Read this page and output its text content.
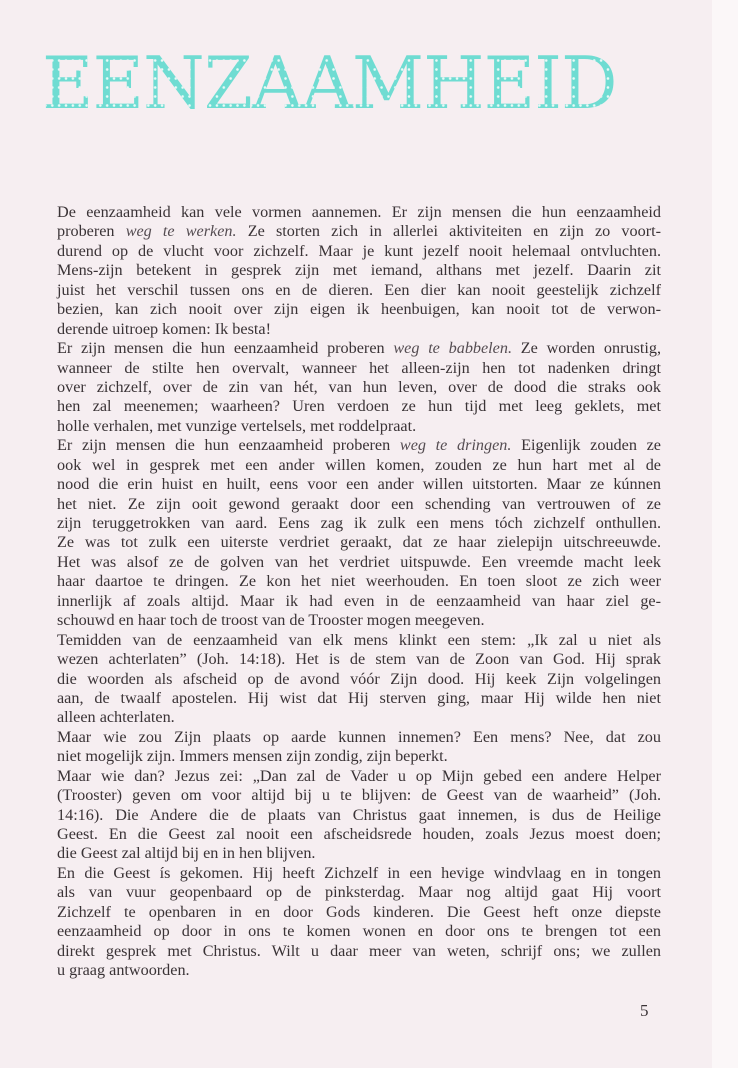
EENZAAMHEID
De eenzaamheid kan vele vormen aannemen. Er zijn mensen die hun eenzaamheid
proberen weg te werken. Ze storten zich in allerlei aktiviteiten en zijn zo voort-
durend op de vlucht voor zichzelf. Maar je kunt jezelf nooit helemaal ontvluchten.
Mens-zijn betekent in gesprek zijn met iemand, althans met jezelf. Daarin zit
juist het verschil tussen ons en de dieren. Een dier kan nooit geestelijk zichzelf
bezien, kan zich nooit over zijn eigen ik heenbuigen, kan nooit tot de verwon-
derende uitroep komen: Ik besta!
Er zijn mensen die hun eenzaamheid proberen weg te babbelen. Ze worden onrustig,
wanneer de stilte hen overvalt, wanneer het alleen-zijn hen tot nadenken dringt
over zichzelf, over de zin van hét, van hun leven, over de dood die straks ook
hen zal meenemen; waarheen? Uren verdoen ze hun tijd met leeg geklets, met
holle verhalen, met vunzige vertelsels, met roddelpraat.
Er zijn mensen die hun eenzaamheid proberen weg te dringen. Eigenlijk zouden ze
ook wel in gesprek met een ander willen komen, zouden ze hun hart met al de
nood die erin huist en huilt, eens voor een ander willen uitstorten. Maar ze kúnnen
het niet. Ze zijn ooit gewond geraakt door een schending van vertrouwen of ze
zijn teruggetrokken van aard. Eens zag ik zulk een mens tóch zichzelf onthullen.
Ze was tot zulk een uiterste verdriet geraakt, dat ze haar zielepijn uitschreeuwde.
Het was alsof ze de golven van het verdriet uitspuwde. Een vreemde macht leek
haar daartoe te dringen. Ze kon het niet weerhouden. En toen sloot ze zich weer
innerlijk af zoals altijd. Maar ik had even in de eenzaamheid van haar ziel ge-
schouwd en haar toch de troost van de Trooster mogen meegeven.
Temidden van de eenzaamheid van elk mens klinkt een stem: „Ik zal u niet als
wezen achterlaten” (Joh. 14:18). Het is de stem van de Zoon van God. Hij sprak
die woorden als afscheid op de avond vóór Zijn dood. Hij keek Zijn volgelingen
aan, de twaalf apostelen. Hij wist dat Hij sterven ging, maar Hij wilde hen niet
alleen achterlaten.
Maar wie zou Zijn plaats op aarde kunnen innemen? Een mens? Nee, dat zou
niet mogelijk zijn. Immers mensen zijn zondig, zijn beperkt.
Maar wie dan? Jezus zei: „Dan zal de Vader u op Mijn gebed een andere Helper
(Trooster) geven om voor altijd bij u te blijven: de Geest van de waarheid” (Joh.
14:16). Die Andere die de plaats van Christus gaat innemen, is dus de Heilige
Geest. En die Geest zal nooit een afscheidsrede houden, zoals Jezus moest doen;
die Geest zal altijd bij en in hen blijven.
En die Geest ís gekomen. Hij heeft Zichzelf in een hevige windvlaag en in tongen
als van vuur geopenbaard op de pinksterdag. Maar nog altijd gaat Hij voort
Zichzelf te openbaren in en door Gods kinderen. Die Geest heft onze diepste
eenzaamheid op door in ons te komen wonen en door ons te brengen tot een
direkt gesprek met Christus. Wilt u daar meer van weten, schrijf ons; we zullen
u graag antwoorden.
5
